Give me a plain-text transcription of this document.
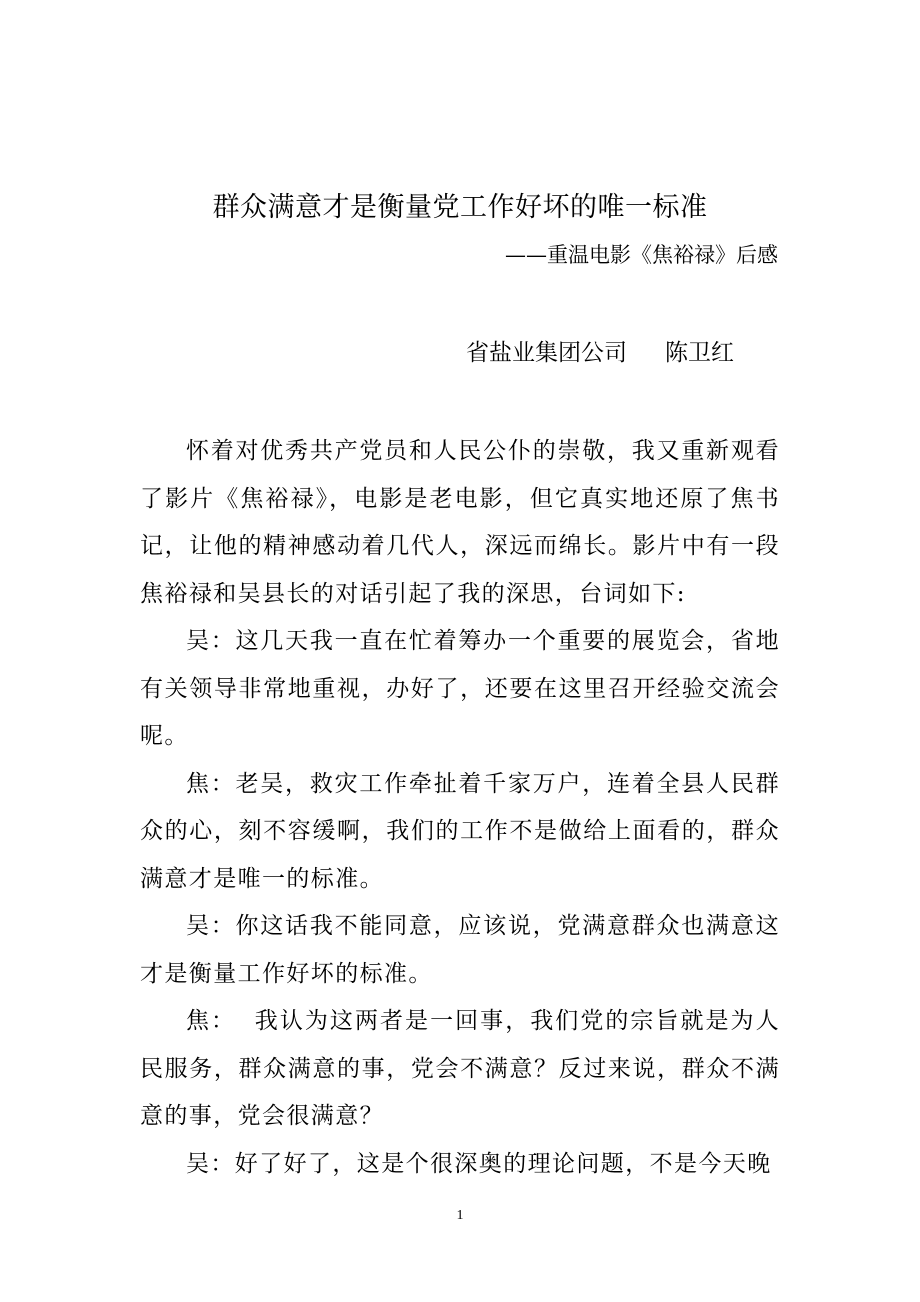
群众满意才是衡量党工作好坏的唯一标准
——重温电影《焦裕禄》后感
省盐业集团公司 陈卫红

怀着对优秀共产党员和人民公仆的崇敬，我又重新观看了影片《焦裕禄》，电影是老电影，但它真实地还原了焦书记，让他的精神感动着几代人，深远而绵长。影片中有一段焦裕禄和吴县长的对话引起了我的深思，台词如下:

吴：这几天我一直在忙着筹办一个重要的展览会，省地有关领导非常地重视，办好了，还要在这里召开经验交流会呢。

焦：老吴，救灾工作牵扯着千家万户，连着全县人民群众的心，刻不容缓啊，我们的工作不是做给上面看的，群众满意才是唯一的标准。

吴：你这话我不能同意，应该说，党满意群众也满意这才是衡量工作好坏的标准。

焦：  我认为这两者是一回事，我们党的宗旨就是为人民服务，群众满意的事，党会不满意？反过来说，群众不满意的事，党会很满意？

吴：好了好了，这是个很深奥的理论问题，不是今天晚

1
